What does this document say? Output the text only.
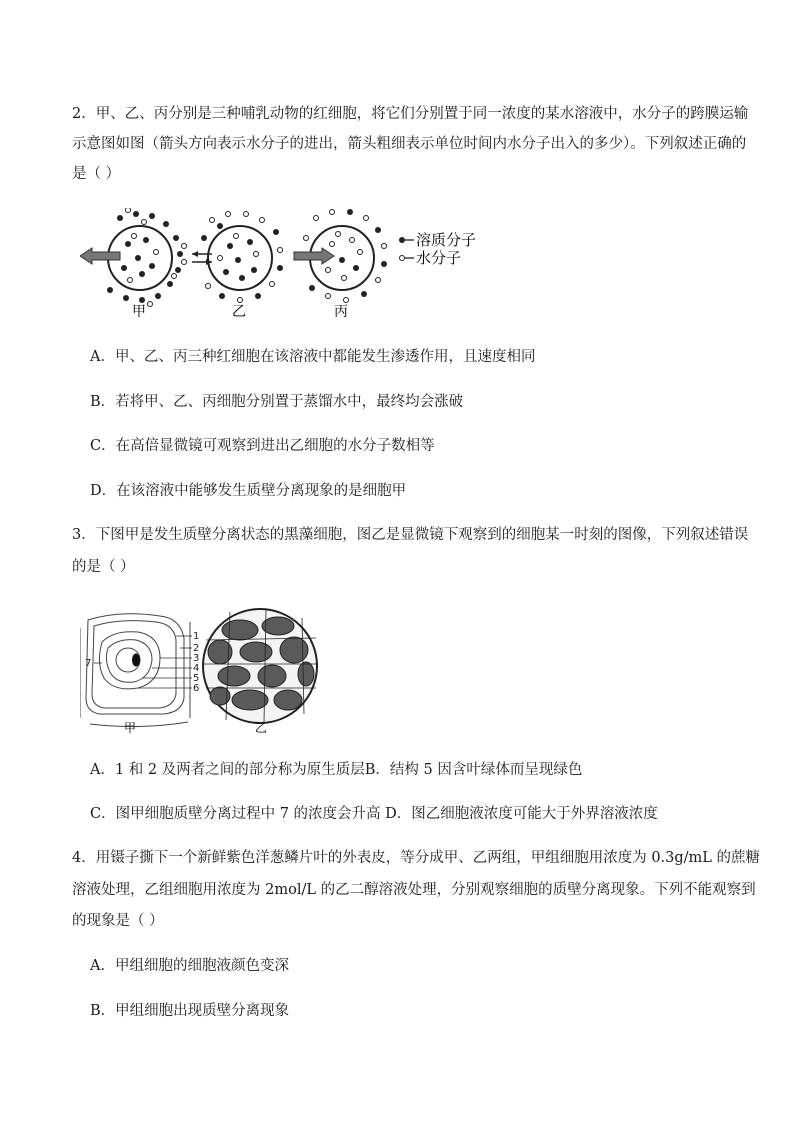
2．甲、乙、丙分别是三种哺乳动物的红细胞，将它们分别置于同一浓度的某水溶液中，水分子的跨膜运输
示意图如图（箭头方向表示水分子的进出，箭头粗细表示单位时间内水分子出入的多少）。下列叙述正确的
是（ ）
甲	乙	丙
溶质分子
水分子
A．甲、乙、丙三种红细胞在该溶液中都能发生渗透作用，且速度相同
B．若将甲、乙、丙细胞分别置于蒸馏水中，最终均会涨破
C．在高倍显微镜可观察到进出乙细胞的水分子数相等
D．在该溶液中能够发生质壁分离现象的是细胞甲
3．下图甲是发生质壁分离状态的黑藻细胞，图乙是显微镜下观察到的细胞某一时刻的图像，下列叙述错误
的是（ ）
1
2
3
4
5
6
7
甲	乙
A．1 和 2 及两者之间的部分称为原生质层B．结构 5 因含叶绿体而呈现绿色
C．图甲细胞质壁分离过程中 7 的浓度会升高 D．图乙细胞液浓度可能大于外界溶液浓度
4．用镊子撕下一个新鲜紫色洋葱鳞片叶的外表皮，等分成甲、乙两组，甲组细胞用浓度为 0.3g/mL 的蔗糖
溶液处理，乙组细胞用浓度为 2mol/L 的乙二醇溶液处理，分别观察细胞的质壁分离现象。下列不能观察到
的现象是（ ）
A．甲组细胞的细胞液颜色变深
B．甲组细胞出现质壁分离现象
